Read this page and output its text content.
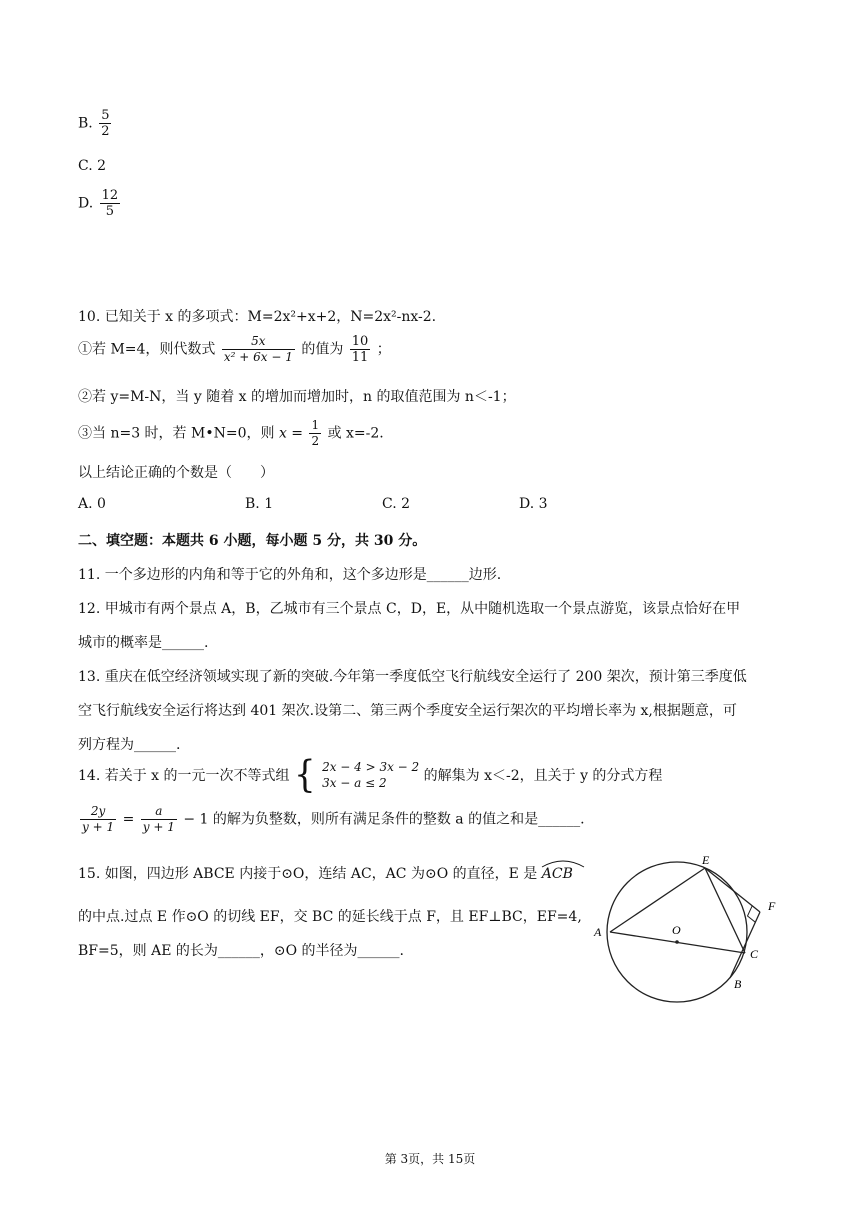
B. $\frac{5}{2}$
C. 2
D. $\frac{12}{5}$
10. 已知关于 x 的多项式：M=2x²+x+2，N=2x²-nx-2.
①若 M=4，则代数式 $\frac{5x}{\text{x² + 6x − 1}}$ 的值为 $\frac{10}{11}$ ；
②若 y=M-N，当 y 随着 x 的增加而增加时，n 的取值范围为 n＜-1；
③当 n=3 时，若 M•N=0，则 $x = \frac{1}{2}$ 或 x=-2.
以上结论正确的个数是（　　）
A. 0	B. 1	C. 2	D. 3
二、填空题：本题共 6 小题，每小题 5 分，共 30 分。
11. 一个多边形的内角和等于它的外角和，这个多边形是______边形.
12. 甲城市有两个景点 A，B，乙城市有三个景点 C，D，E，从中随机选取一个景点游览，该景点恰好在甲
城市的概率是______.
13. 重庆在低空经济领域实现了新的突破.今年第一季度低空飞行航线安全运行了 200 架次，预计第三季度低
空飞行航线安全运行将达到 401 架次.设第二、第三两个季度安全运行架次的平均增长率为 x,根据题意，可
列方程为______.
14. 若关于 x 的一元一次不等式组 { 2x − 4 > 3x − 2
3x − a ≤ 2	的解集为 x＜-2，且关于 y 的分式方程
$\frac{2y}{y + 1} = \frac{a}{y + 1} - 1$ 的解为负整数，则所有满足条件的整数 a 的值之和是______.
15. 如图，四边形 ABCE 内接于⊙O，连结 AC，AC 为⊙O 的直径，E 是 ACB
的中点.过点 E 作⊙O 的切线 EF，交 BC 的延长线于点 F，且 EF⊥BC，EF=4,
BF=5，则 AE 的长为______，⊙O 的半径为______.
E
F
A	O
C
B
第 3页，共 15页
